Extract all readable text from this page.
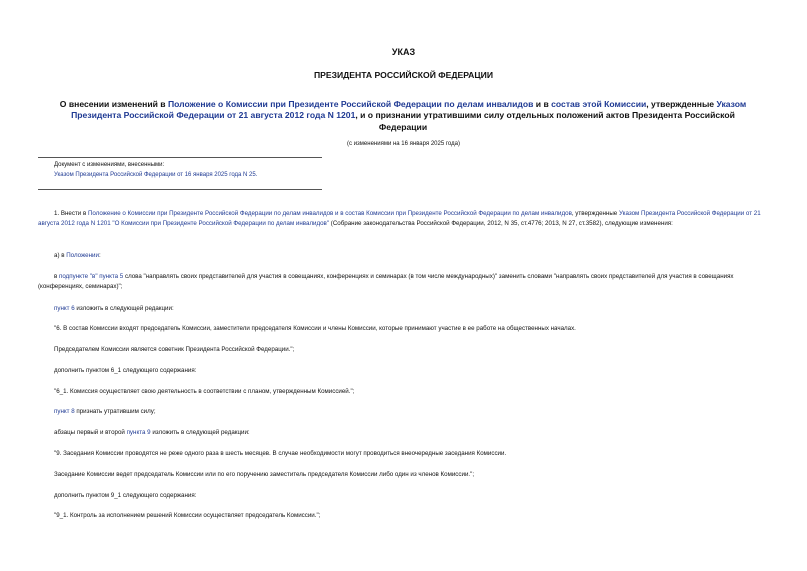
УКАЗ
ПРЕЗИДЕНТА РОССИЙСКОЙ ФЕДЕРАЦИИ
О внесении изменений в Положение о Комиссии при Президенте Российской Федерации по делам инвалидов и в состав этой Комиссии, утвержденные Указом Президента Российской Федерации от 21 августа 2012 года N 1201, и о признании утратившими силу отдельных положений актов Президента Российской Федерации
(с изменениями на 16 января 2025 года)
Документ с изменениями, внесенными:
Указом Президента Российской Федерации от 16 января 2025 года N 25.
1. Внести в Положение о Комиссии при Президенте Российской Федерации по делам инвалидов и в состав Комиссии при Президенте Российской Федерации по делам инвалидов, утвержденные Указом Президента Российской Федерации от 21 августа 2012 года N 1201 "О Комиссии при Президенте Российской Федерации по делам инвалидов" (Собрание законодательства Российской Федерации, 2012, N 35, ст.4776; 2013, N 27, ст.3582), следующие изменения:
а) в Положении:
в подпункте "в" пункта 5 слова "направлять своих представителей для участия в совещаниях, конференциях и семинарах (в том числе международных)" заменить словами "направлять своих представителей для участия в совещаниях (конференциях, семинарах)";
пункт 6 изложить в следующей редакции:
"6. В состав Комиссии входят председатель Комиссии, заместители председателя Комиссии и члены Комиссии, которые принимают участие в ее работе на общественных началах.
Председателем Комиссии является советник Президента Российской Федерации.";
дополнить пунктом 6_1 следующего содержания:
"6_1. Комиссия осуществляет свою деятельность в соответствии с планом, утвержденным Комиссией.";
пункт 8 признать утратившим силу;
абзацы первый и второй пункта 9 изложить в следующей редакции:
"9. Заседания Комиссии проводятся не реже одного раза в шесть месяцев. В случае необходимости могут проводиться внеочередные заседания Комиссии.
Заседание Комиссии ведет председатель Комиссии или по его поручению заместитель председателя Комиссии либо один из членов Комиссии.";
дополнить пунктом 9_1 следующего содержания:
"9_1. Контроль за исполнением решений Комиссии осуществляет председатель Комиссии.";
